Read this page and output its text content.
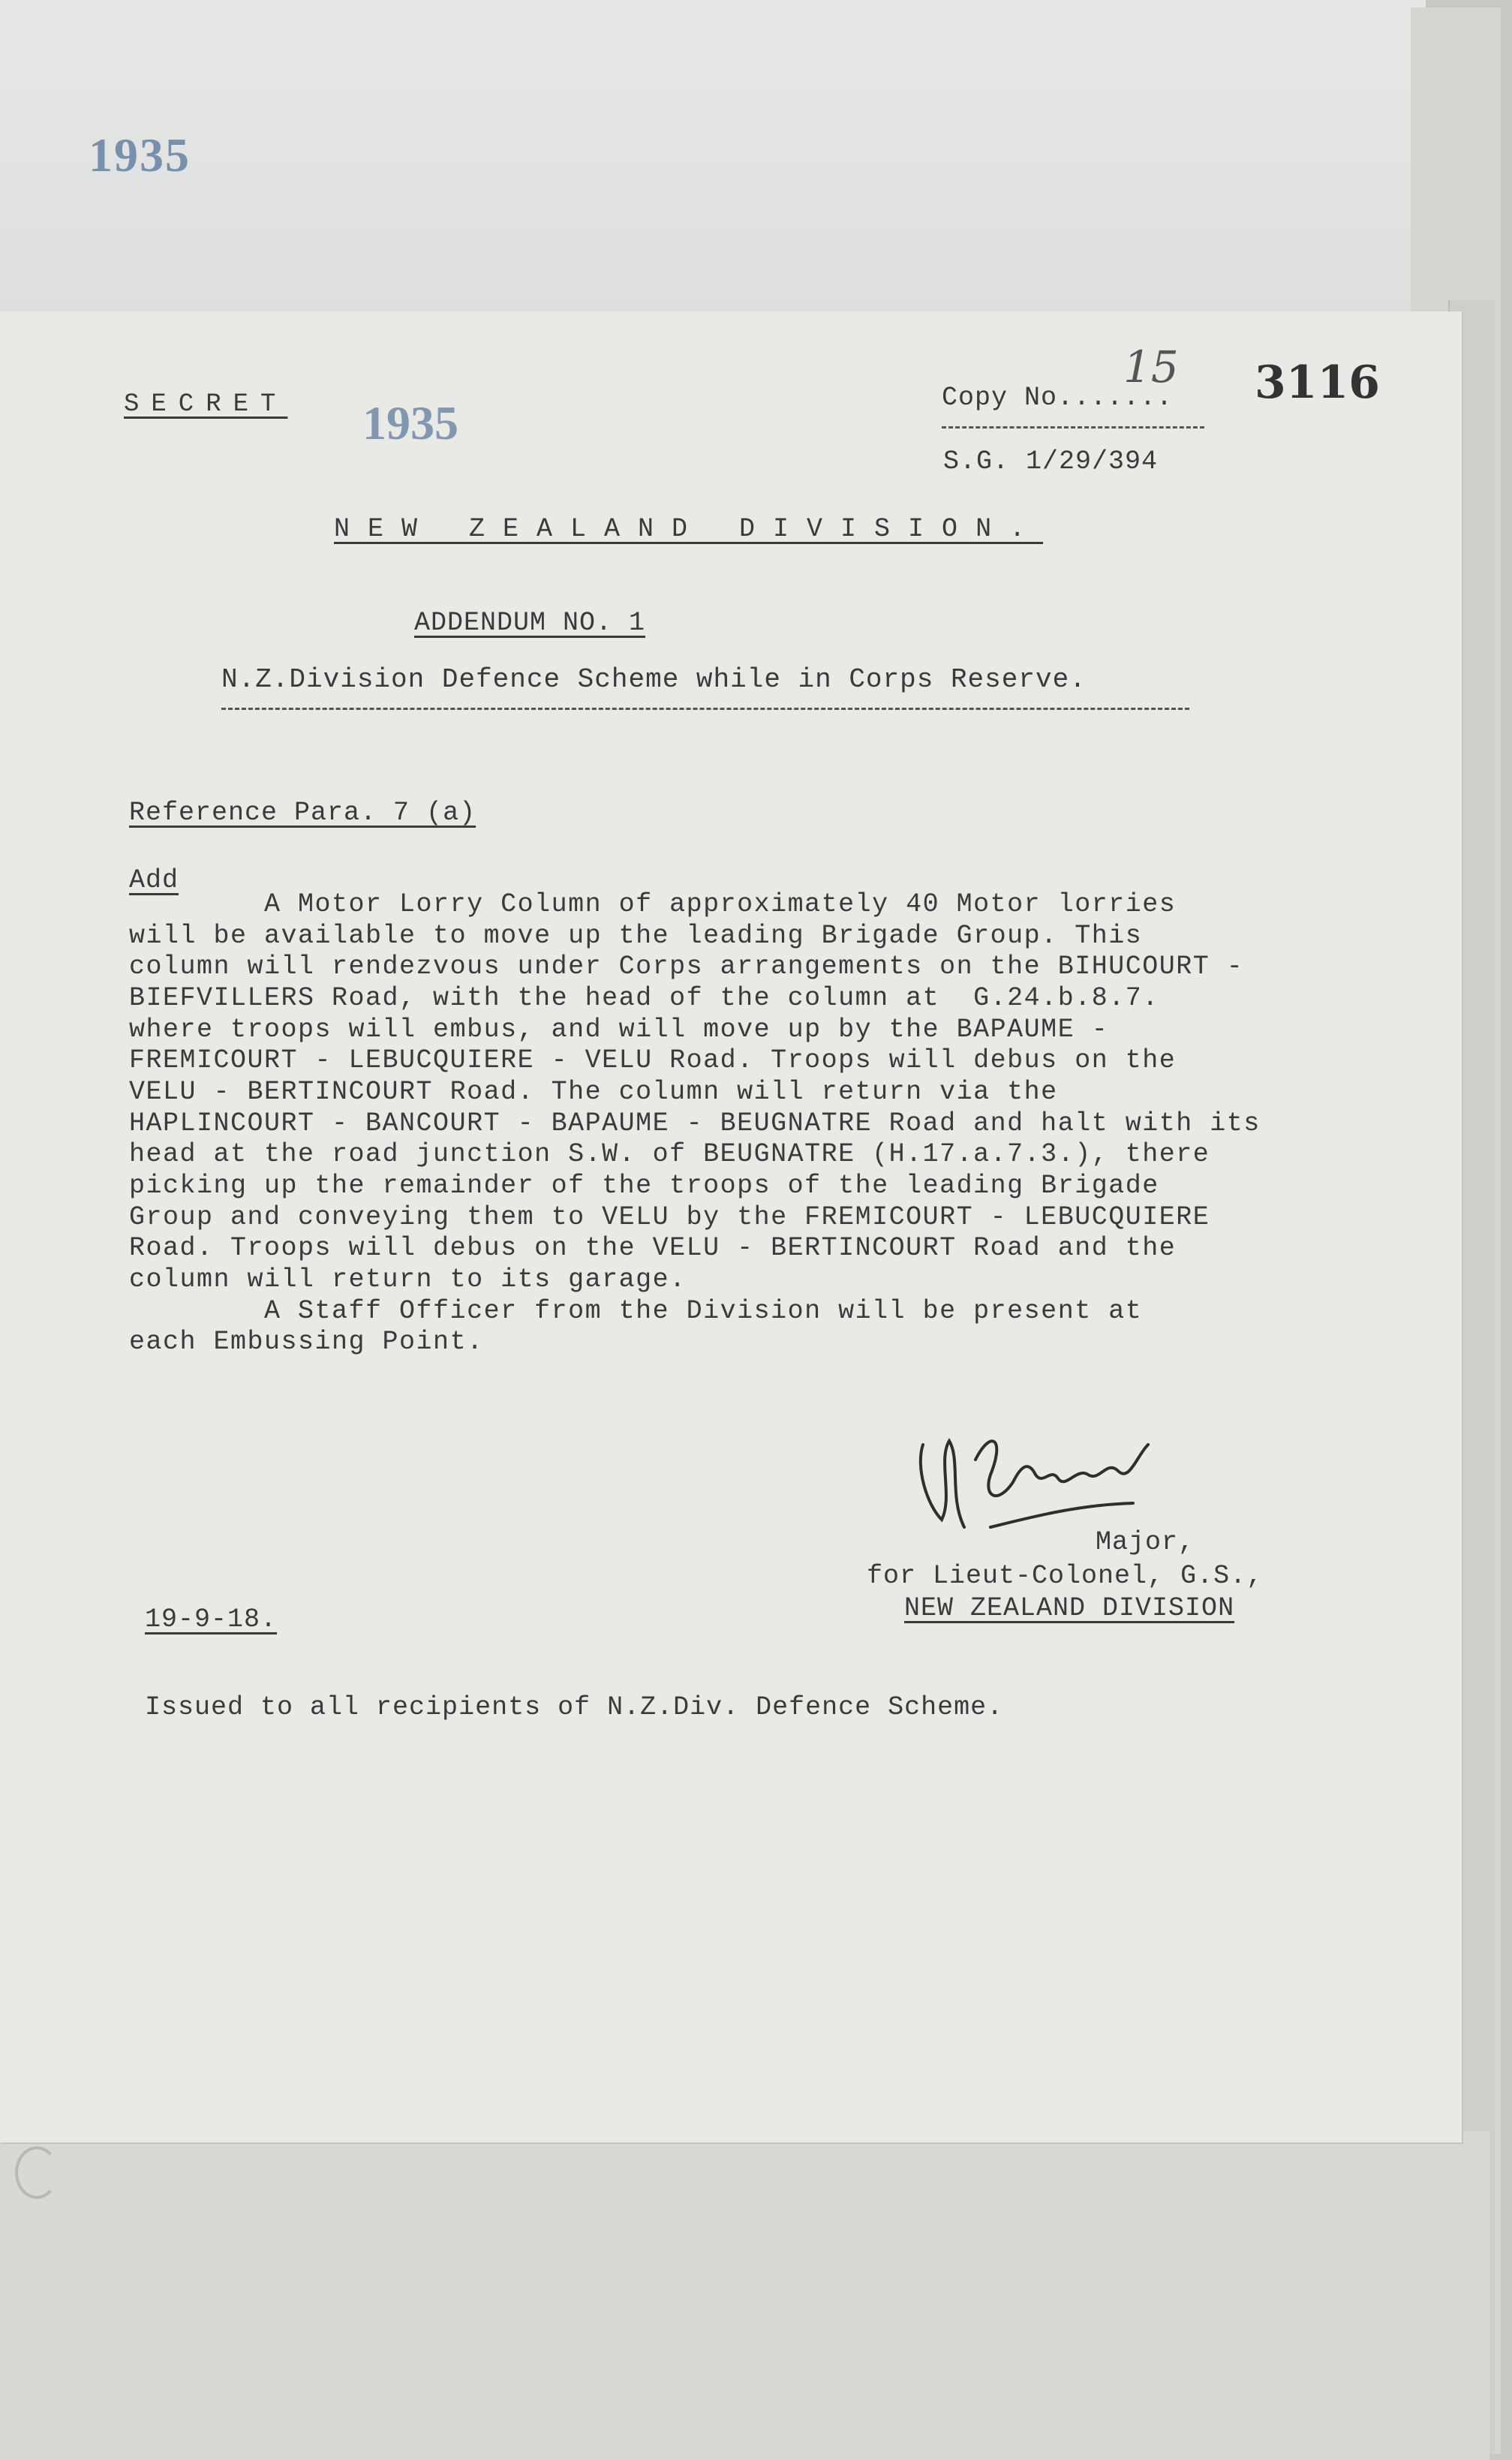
1935
SECRET 1935	Copy No.......
15 3116
S.G. 1/29/394
NEW ZEALAND DIVISION.
ADDENDUM NO. 1
N.Z.Division Defence Scheme while in Corps Reserve.
Reference Para. 7 (a)
Add
A Motor Lorry Column of approximately 40 Motor lorries
will be available to move up the leading Brigade Group. This
column will rendezvous under Corps arrangements on the BIHUCOURT -
BIEFVILLERS Road, with the head of the column at  G.24.b.8.7.
where troops will embus, and will move up by the BAPAUME -
FREMICOURT - LEBUCQUIERE - VELU Road. Troops will debus on the
VELU - BERTINCOURT Road. The column will return via the
HAPLINCOURT - BANCOURT - BAPAUME - BEUGNATRE Road and halt with its
head at the road junction S.W. of BEUGNATRE (H.17.a.7.3.), there
picking up the remainder of the troops of the leading Brigade
Group and conveying them to VELU by the FREMICOURT - LEBUCQUIERE
Road. Troops will debus on the VELU - BERTINCOURT Road and the
column will return to its garage.
A Staff Officer from the Division will be present at
each Embussing Point.
Major,
for Lieut-Colonel, G.S.,
NEW ZEALAND DIVISION
19-9-18.
Issued to all recipients of N.Z.Div. Defence Scheme.
